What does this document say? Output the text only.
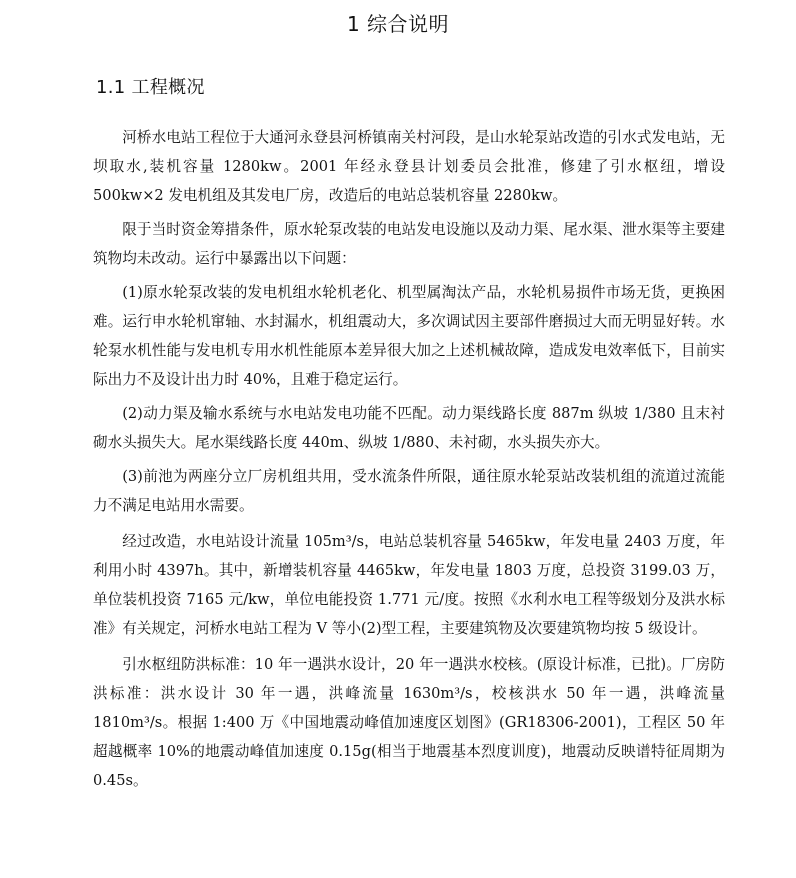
1 综合说明
1.1 工程概况

河桥水电站工程位于大通河永登县河桥镇南关村河段，是山水轮泵站改造的引水式发电站，无坝取水,装机容量 1280kw。2001 年经永登县计划委员会批准，修建了引水枢纽，增设 500kw×2 发电机组及其发电厂房，改造后的电站总装机容量 2280kw。

限于当时资金筹措条件，原水轮泵改装的电站发电设施以及动力渠、尾水渠、泄水渠等主要建筑物均未改动。运行中暴露出以下问题：

(1)原水轮泵改装的发电机组水轮机老化、机型属淘汰产品，水轮机易损件市场无货，更换困难。运行申水轮机窜轴、水封漏水，机组震动大，多次调试因主要部件磨损过大而无明显好转。水轮泵水机性能与发电机专用水机性能原本差异很大加之上述机械故障，造成发电效率低下，目前实际出力不及设计出力时 40%，且难于稳定运行。

(2)动力渠及输水系统与水电站发电功能不匹配。动力渠线路长度 887m 纵坡 1/380 且末衬砌水头损失大。尾水渠线路长度 440m、纵坡 1/880、未衬砌，水头损失亦大。

(3)前池为两座分立厂房机组共用，受水流条件所限，通往原水轮泵站改装机组的流道过流能力不满足电站用水需要。

经过改造，水电站设计流量 105m³/s，电站总装机容量 5465kw，年发电量 2403 万度，年利用小时 4397h。其中，新增装机容量 4465kw，年发电量 1803 万度，总投资 3199.03 万，单位装机投资 7165 元/kw，单位电能投资 1.771 元/度。按照《水利水电工程等级划分及洪水标准》有关规定，河桥水电站工程为 V 等小(2)型工程，主要建筑物及次要建筑物均按 5 级设计。

引水枢纽防洪标准：10 年一遇洪水设计，20 年一遇洪水校核。(原设计标准，已批)。厂房防洪标准：洪水设计 30 年一遇，洪峰流量 1630m³/s，校核洪水 50 年一遇，洪峰流量 1810m³/s。根据 1:400 万《中国地震动峰值加速度区划图》(GR18306-2001)，工程区 50 年超越概率 10%的地震动峰值加速度 0.15g(相当于地震基本烈度训度)，地震动反映谱特征周期为 0.45s。
